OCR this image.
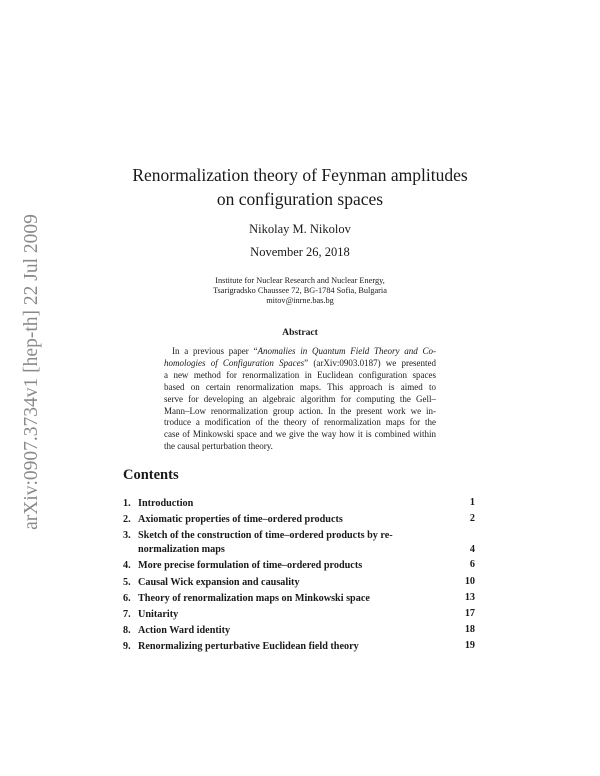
arXiv:0907.3734v1 [hep-th] 22 Jul 2009
Renormalization theory of Feynman amplitudes
on configuration spaces
Nikolay M. Nikolov
November 26, 2018
Institute for Nuclear Research and Nuclear Energy,
Tsarigradsko Chaussee 72, BG-1784 Sofia, Bulgaria
mitov@inrne.bas.bg
Abstract
In a previous paper “Anomalies in Quantum Field Theory and Co-
homologies of Configuration Spaces” (arXiv:0903.0187) we presented
a new method for renormalization in Euclidean configuration spaces
based on certain renormalization maps. This approach is aimed to
serve for developing an algebraic algorithm for computing the Gell–
Mann–Low renormalization group action. In the present work we in-
troduce a modification of the theory of renormalization maps for the
case of Minkowski space and we give the way how it is combined within
the causal perturbation theory.
Contents
1. Introduction	1
2. Axiomatic properties of time–ordered products	2
3. Sketch of the construction of time–ordered products by re-
normalization maps	4
4. More precise formulation of time–ordered products	6
5. Causal Wick expansion and causality	10
6. Theory of renormalization maps on Minkowski space	13
7. Unitarity	17
8. Action Ward identity	18
9. Renormalizing perturbative Euclidean field theory	19
